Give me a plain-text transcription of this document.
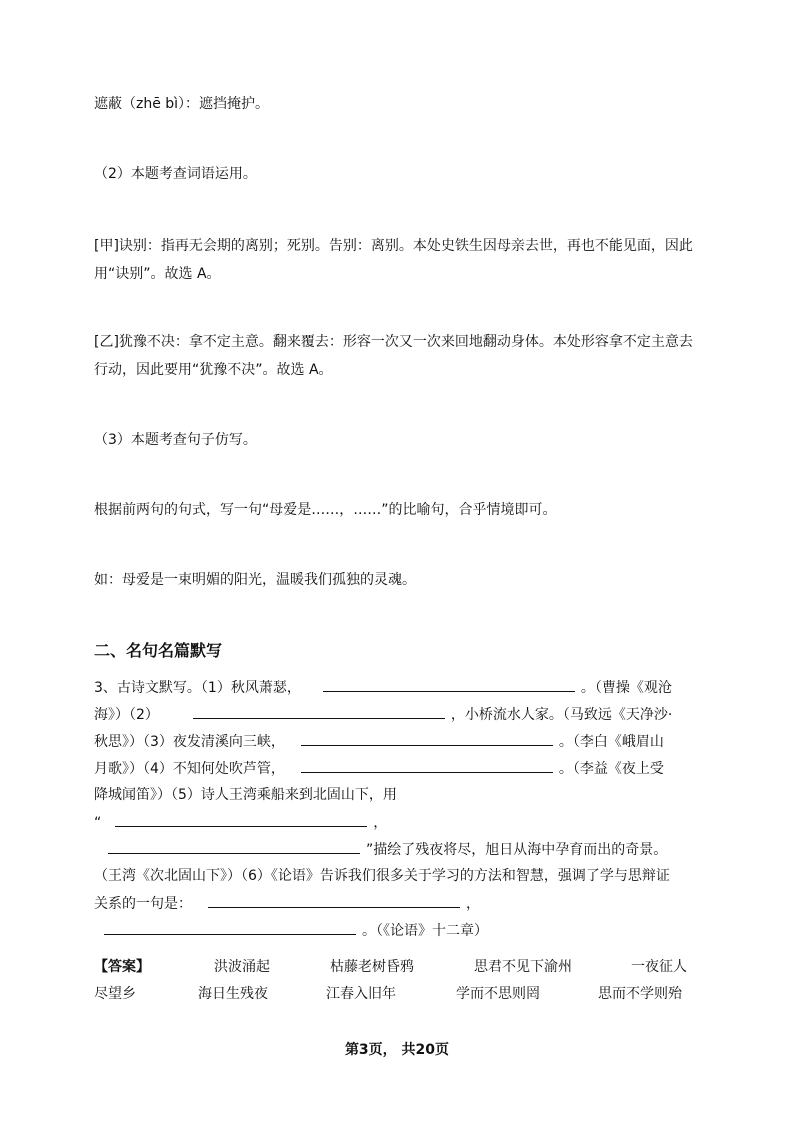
遮蔽（zhē bì）：遮挡掩护。
（2）本题考查词语运用。
[甲]诀别：指再无会期的离别；死别。告别：离别。本处史铁生因母亲去世，再也不能见面，因此
用“诀别”。故选 A。
[乙]犹豫不决：拿不定主意。翻来覆去：形容一次又一次来回地翻动身体。本处形容拿不定主意去
行动，因此要用“犹豫不决”。故选 A。
（3）本题考查句子仿写。
根据前两句的句式，写一句“母爱是……，……”的比喻句，合乎情境即可。
如：母爱是一束明媚的阳光，温暖我们孤独的灵魂。
二、名句名篇默写
3、古诗文默写。（1）秋风萧瑟，	。（曹操《观沧
海》）（2）	，小桥流水人家。（马致远《天净沙·
秋思》）（3）夜发清溪向三峡，	。（李白《峨眉山
月歌》）（4）不知何处吹芦管，	。（李益《夜上受
降城闻笛》）（5）诗人王湾乘船来到北固山下，用
“	，
”描绘了残夜将尽，旭日从海中孕育而出的奇景。
（王湾《次北固山下》）（6）《论语》告诉我们很多关于学习的方法和智慧，强调了学与思辩证
关系的一句是：	，
。（《论语》十二章）
【答案】	洪波涌起	枯藤老树昏鸦	思君不见下渝州	一夜征人
尽望乡	海日生残夜	江春入旧年	学而不思则罔	思而不学则殆
第3页， 共20页
